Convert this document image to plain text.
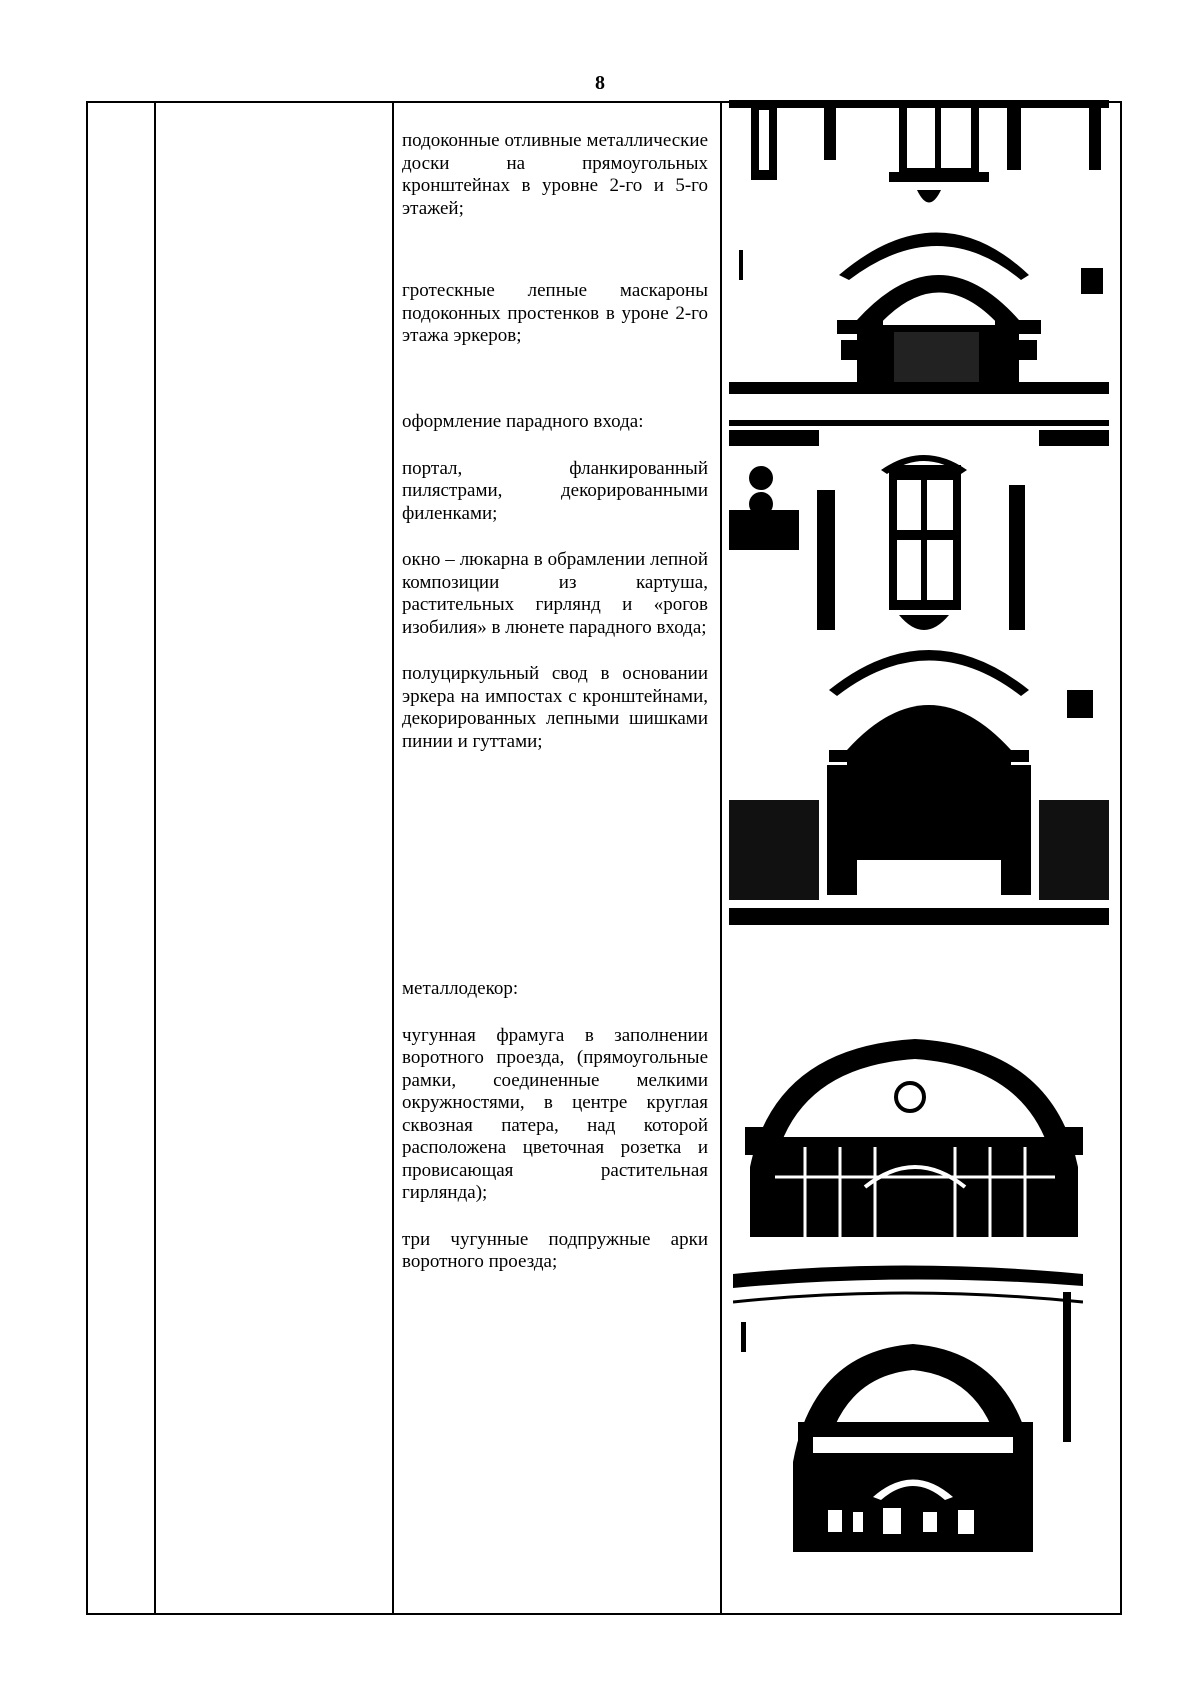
8

подоконные отливные металлические доски на прямоугольных кронштейнах в уровне 2-го и 5-го этажей;

гротескные лепные маскароны подоконных простенков в уроне 2-го этажа эркеров;

оформление парадного входа:

портал, фланкированный пилястрами, декорированными филенками;

окно – люкарна в обрамлении лепной композиции из картуша, растительных гирлянд и «рогов изобилия» в люнете парадного входа;

полуциркульный свод в основании эркера на импостах с кронштейнами, декорированных лепными шишками пинии и гуттами;

металлодекор:

чугунная фрамуга в заполнении воротного проезда, (прямоугольные рамки, соединенные мелкими окружностями, в центре круглая сквозная патера, над которой расположена цветочная розетка и провисающая растительная гирлянда);

три чугунные подпружные арки воротного проезда;
